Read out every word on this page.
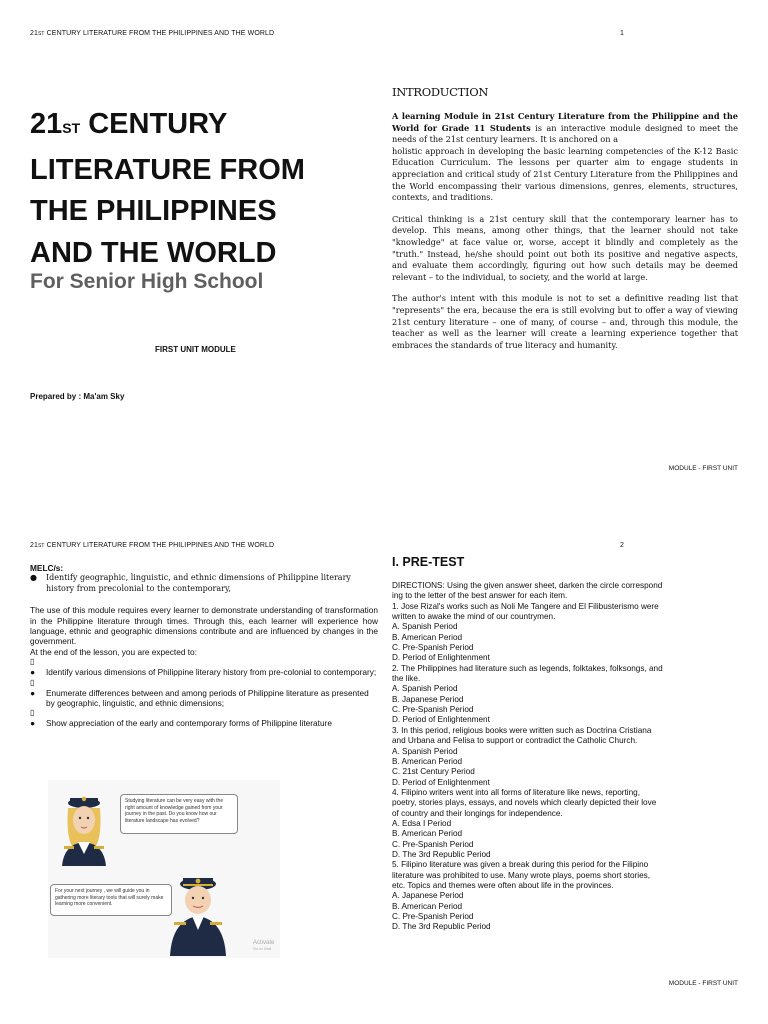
21ST CENTURY LITERATURE FROM THE PHILIPPINES AND THE WORLD	1
21ST CENTURY
LITERATURE FROM
THE PHILIPPINES
AND THE WORLD
For Senior High School
FIRST UNIT MODULE
Prepared by : Ma'am Sky
INTRODUCTION

A learning Module in 21st Century Literature from the Philippine and the World for Grade 11 Students is an interactive module designed to meet the needs of the 21st century learners. It is anchored on a

holistic approach in developing the basic learning competencies of the K-12 Basic Education Curriculum. The lessons per quarter aim to engage students in appreciation and critical study of 21st Century Literature from the Philippines and the World encompassing their various dimensions, genres, elements, structures, contexts, and traditions.

Critical thinking is a 21st century skill that the contemporary learner has to develop. This means, among other things, that the learner should not take "knowledge" at face value or, worse, accept it blindly and completely as the "truth." Instead, he/she should point out both its positive and negative aspects, and evaluate them accordingly, figuring out how such details may be deemed relevant – to the individual, to society, and the world at large.

The author's intent with this module is not to set a definitive reading list that "represents" the era, because the era is still evolving but to offer a way of viewing 21st century literature – one of many, of course – and, through this module, the teacher as well as the learner will create a learning experience together that embraces the standards of true literacy and humanity.

MODULE - FIRST UNIT
21ST CENTURY LITERATURE FROM THE PHILIPPINES AND THE WORLD	2
MELC/s:
●	Identify geographic, linguistic, and ethnic dimensions of Philippine literary history from precolonial to the contemporary,
The use of this module requires every learner to demonstrate understanding of transformation in the Philippine literature through times. Through this, each learner will experience how language, ethnic and geographic dimensions contribute and are influenced by changes in the government.
At the end of the lesson, you are expected to:
▯
●	Identify various dimensions of Philippine literary history from pre-colonial to contemporary;
▯
●	Enumerate differences between and among periods of Philippine literature as presented by geographic, linguistic, and ethnic dimensions;
▯
●	Show appreciation of the early and contemporary forms of Philippine literature
Studying literature can be very easy with the right amount of knowledge gained from your journey in the past. Do you know how our literature landscape has evolved?
For your next journey , we will guide you in gathering more literary tools that will surely make learning more convenient.
Activate
Go to Sett
I. PRE-TEST
DIRECTIONS: Using the given answer sheet, darken the circle correspond
ing to the letter of the best answer for each item.
1. Jose Rizal's works such as Noli Me Tangere and El Filibusterismo were
written to awake the mind of our countrymen.
A. Spanish Period
B. American Period
C. Pre-Spanish Period
D. Period of Enlightenment
2. The Philippines had literature such as legends, folktakes, folksongs, and
the like.
A. Spanish Period
B. Japanese Period
C. Pre-Spanish Period
D. Period of Enlightenment
3. In this period, religious books were written such as Doctrina Cristiana
and Urbana and Felisa to support or contradict the Catholic Church.
A. Spanish Period
B. American Period
C. 21st Century Period
D. Period of Enlightenment
4. Filipino writers went into all forms of literature like news, reporting,
poetry, stories plays, essays, and novels which clearly depicted their love
of country and their longings for independence.
A. Edsa I Period
B. American Period
C. Pre-Spanish Period
D. The 3rd Republic Period
5. Filipino literature was given a break during this period for the Filipino
literature was prohibited to use. Many wrote plays, poems short stories,
etc. Topics and themes were often about life in the provinces.
A. Japanese Period
B. American Period
C. Pre-Spanish Period
D. The 3rd Republic Period
MODULE - FIRST UNIT
